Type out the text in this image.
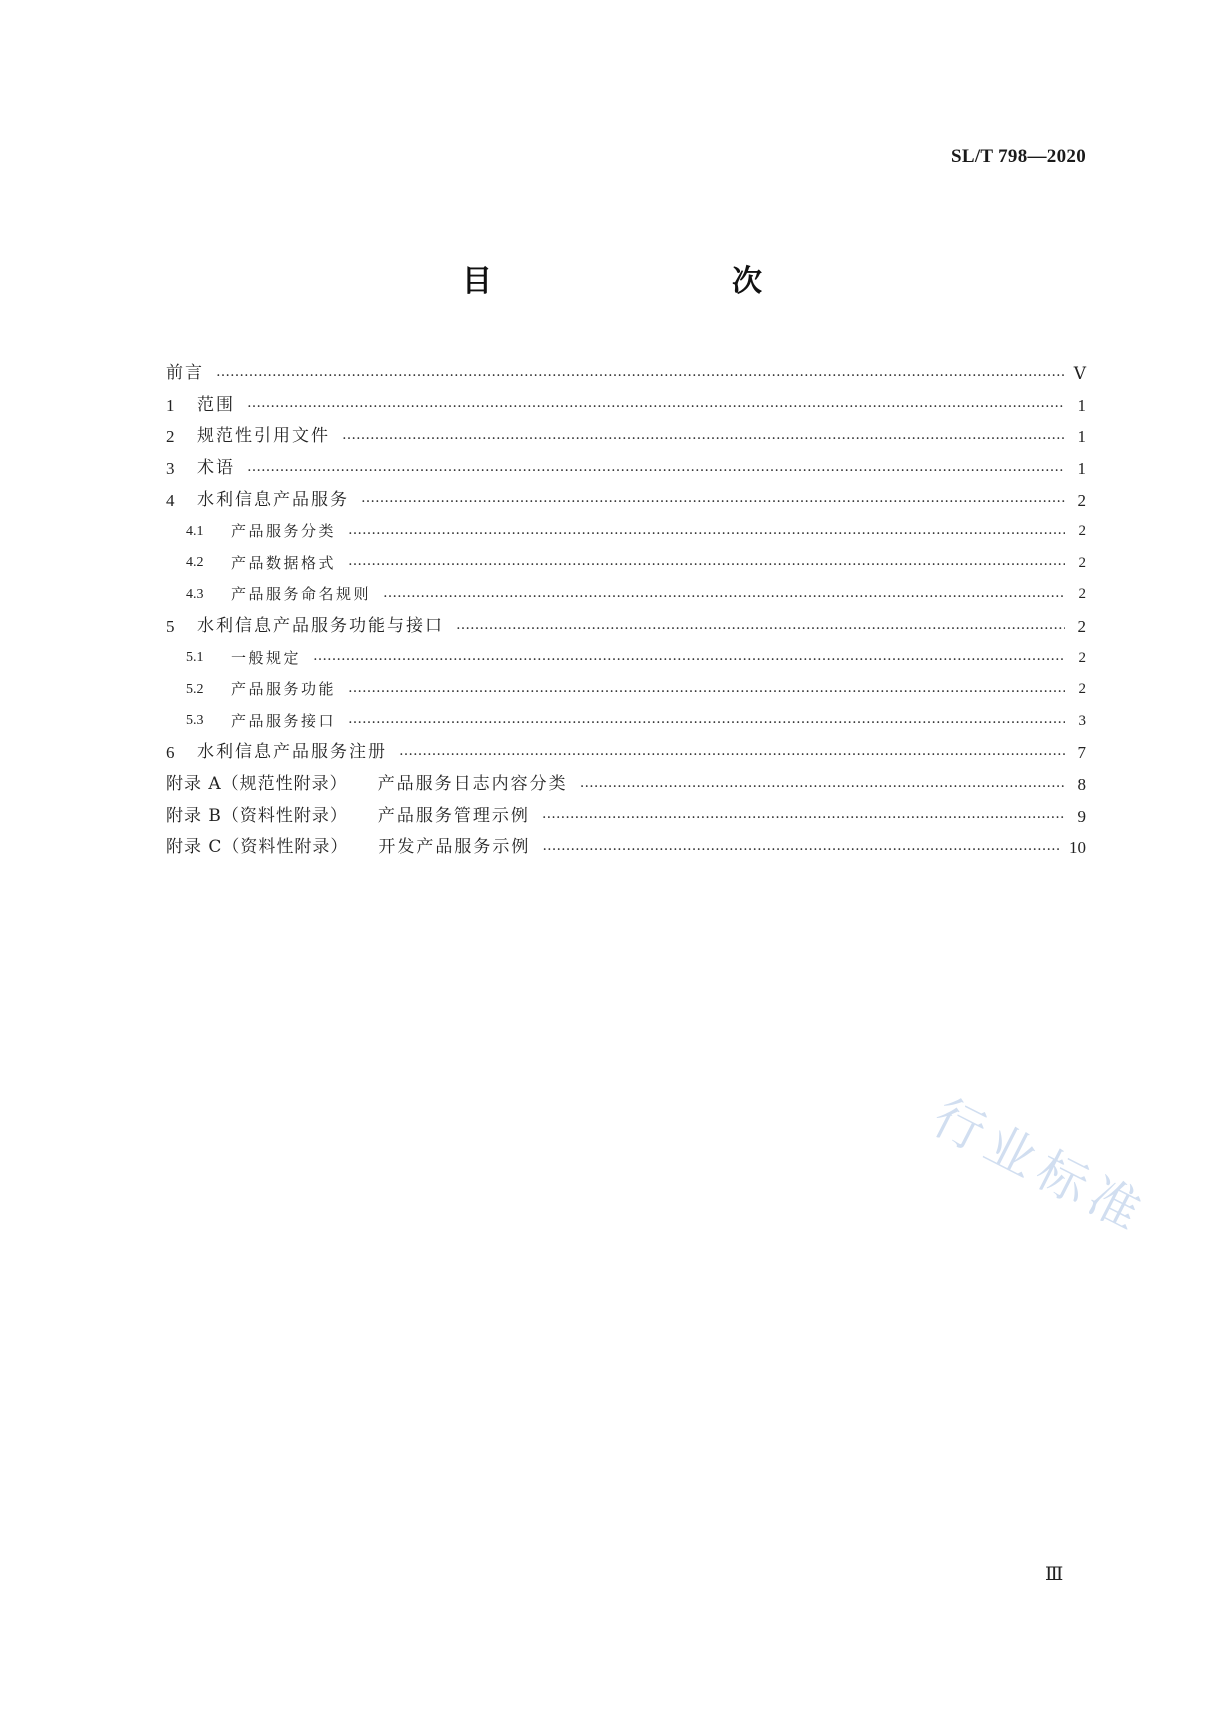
SL/T 798—2020
目　　次
前言 ………………………………………………………………………………………………………………………………………………………………………………………………………………………………………	Ⅴ
1	范围 ………………………………………………………………………………………………………………………………………………………………………………………………………………………………………	1
2	规范性引用文件 ………………………………………………………………………………………………………………………………………………………………………………………………………………………………………	1
3	术语 ………………………………………………………………………………………………………………………………………………………………………………………………………………………………………	1
4	水利信息产品服务 ………………………………………………………………………………………………………………………………………………………………………………………………………………………………………	2
4.1	产品服务分类 ………………………………………………………………………………………………………………………………………………………………………………………………………………………………………	2
4.2	产品数据格式 ………………………………………………………………………………………………………………………………………………………………………………………………………………………………………	2
4.3	产品服务命名规则 ………………………………………………………………………………………………………………………………………………………………………………………………………………………………………	2
5	水利信息产品服务功能与接口 ………………………………………………………………………………………………………………………………………………………………………………………………………………………………………	2
5.1	一般规定 ………………………………………………………………………………………………………………………………………………………………………………………………………………………………………	2
5.2	产品服务功能 ………………………………………………………………………………………………………………………………………………………………………………………………………………………………………	2
5.3	产品服务接口 ………………………………………………………………………………………………………………………………………………………………………………………………………………………………………	3
6	水利信息产品服务注册 ………………………………………………………………………………………………………………………………………………………………………………………………………………………………………	7
附录 A（规范性附录） 产品服务日志内容分类 ………………………………………………………………………………………………………………………………………………………………………………………………………………………………………	8
附录 B（资料性附录） 产品服务管理示例 ………………………………………………………………………………………………………………………………………………………………………………………………………………………………………	9
附录 C（资料性附录） 开发产品服务示例 ………………………………………………………………………………………………………………………………………………………………………………………………………………………………………	10
行业标准
Ⅲ
